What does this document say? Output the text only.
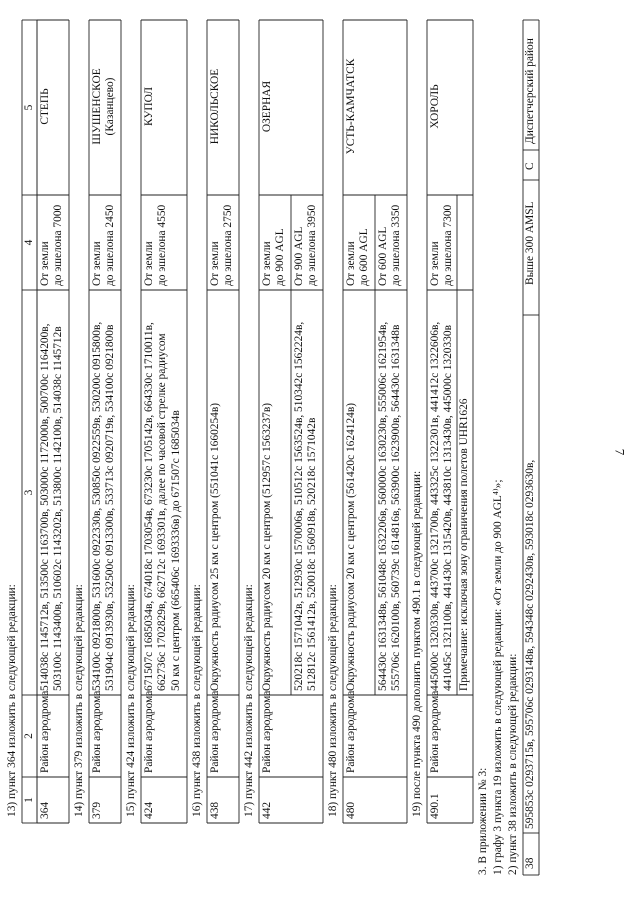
7
13) пункт 364 изложить в следующей редакции: 1
2
3
4
5
364
Район аэродрома
514038с 1145712в, 513500с 1163700в, 503000с 1172000в, 500700с 1164200в, 503100с 1143400в, 510602с 1143202в, 513800с 1142100в, 514038с 1145712в
От земли до эшелона 7000
СТЕПЬ
14) пункт 379 изложить в следующей редакции: 379
Район аэродрома
534100с 0921800в, 531600с 0922330в, 530850с 0922559в, 530200с 0915800в, 531904с 0913930в, 532500с 0913300в, 533713с 0920719в, 534100с 0921800в
От земли до эшелона 2450
ШУШЕНСКОЕ (Казанцево)
15) пункт 424 изложить в следующей редакции: 424
Район аэродрома
671507с 1685034в, 674018с 1703054в, 673230с 1705142в, 664330с 1710011в, 662736с 1702829в, 662712с 1693301в, далее по часовой стрелке радиусом 50 км с центром (665406с 1693336в) до 671507с 1685034в
От земли до эшелона 4550
КУПОЛ
16) пункт 438 изложить в следующей редакции: 438
Район аэродрома
Окружность радиусом 25 км с центром (551041с 1660254в)
От земли до эшелона 2750
НИКОЛЬСКОЕ
17) пункт 442 изложить в следующей редакции: 442
Район аэродрома
Окружность радиусом 20 км с центром (512957с 1563237в)
От земли до 900 AGL
520218с 1571042в, 512930с 1570006в, 510512с 1563524в, 510342с 1562224в, 512812с 1561412в, 520018с 1560918в, 520218с 1571042в
От 900 AGL до эшелона 3950
ОЗЕРНАЯ
18) пункт 480 изложить в следующей редакции: 480
Район аэродрома
Окружность радиусом 20 км с центром (561420с 1624124в)
От земли до 600 AGL
564430с 1631348в, 561048с 1632206в, 560000с 1630230в, 555006с 1621954в, 555706с 1620100в, 560739с 1614816в, 563900с 1623900в, 564430с 1631348в
От 600 AGL до эшелона 3350
УСТЬ-КАМЧАТСК
19) после пункта 490 дополнить пунктом 490.1 в следующей редакции: 490.1
Район аэродрома
445000с 1320330в, 443700с 1321700в, 443325с 1322301в, 441412с 1322606в, 441045с 1321100в, 441430с 1315420в, 443810с 1313430в, 445000с 1320330в
От земли до эшелона 7300
ХОРОЛЬ
Примечание: исключая зону ограничения полетов UHR1626
3. В приложении № 3: 1) графу 3 пункта 19 изложить в следующей редакции: «От земли до 900 AGL⁴⁾»; 2) пункт 38 изложить в следующей редакции: 38
595853с 0293715в, 595706с 0293148в, 594348с 0292430в, 593018с 0293630в,
Выше 300 AMSL
С
Диспетчерский район
